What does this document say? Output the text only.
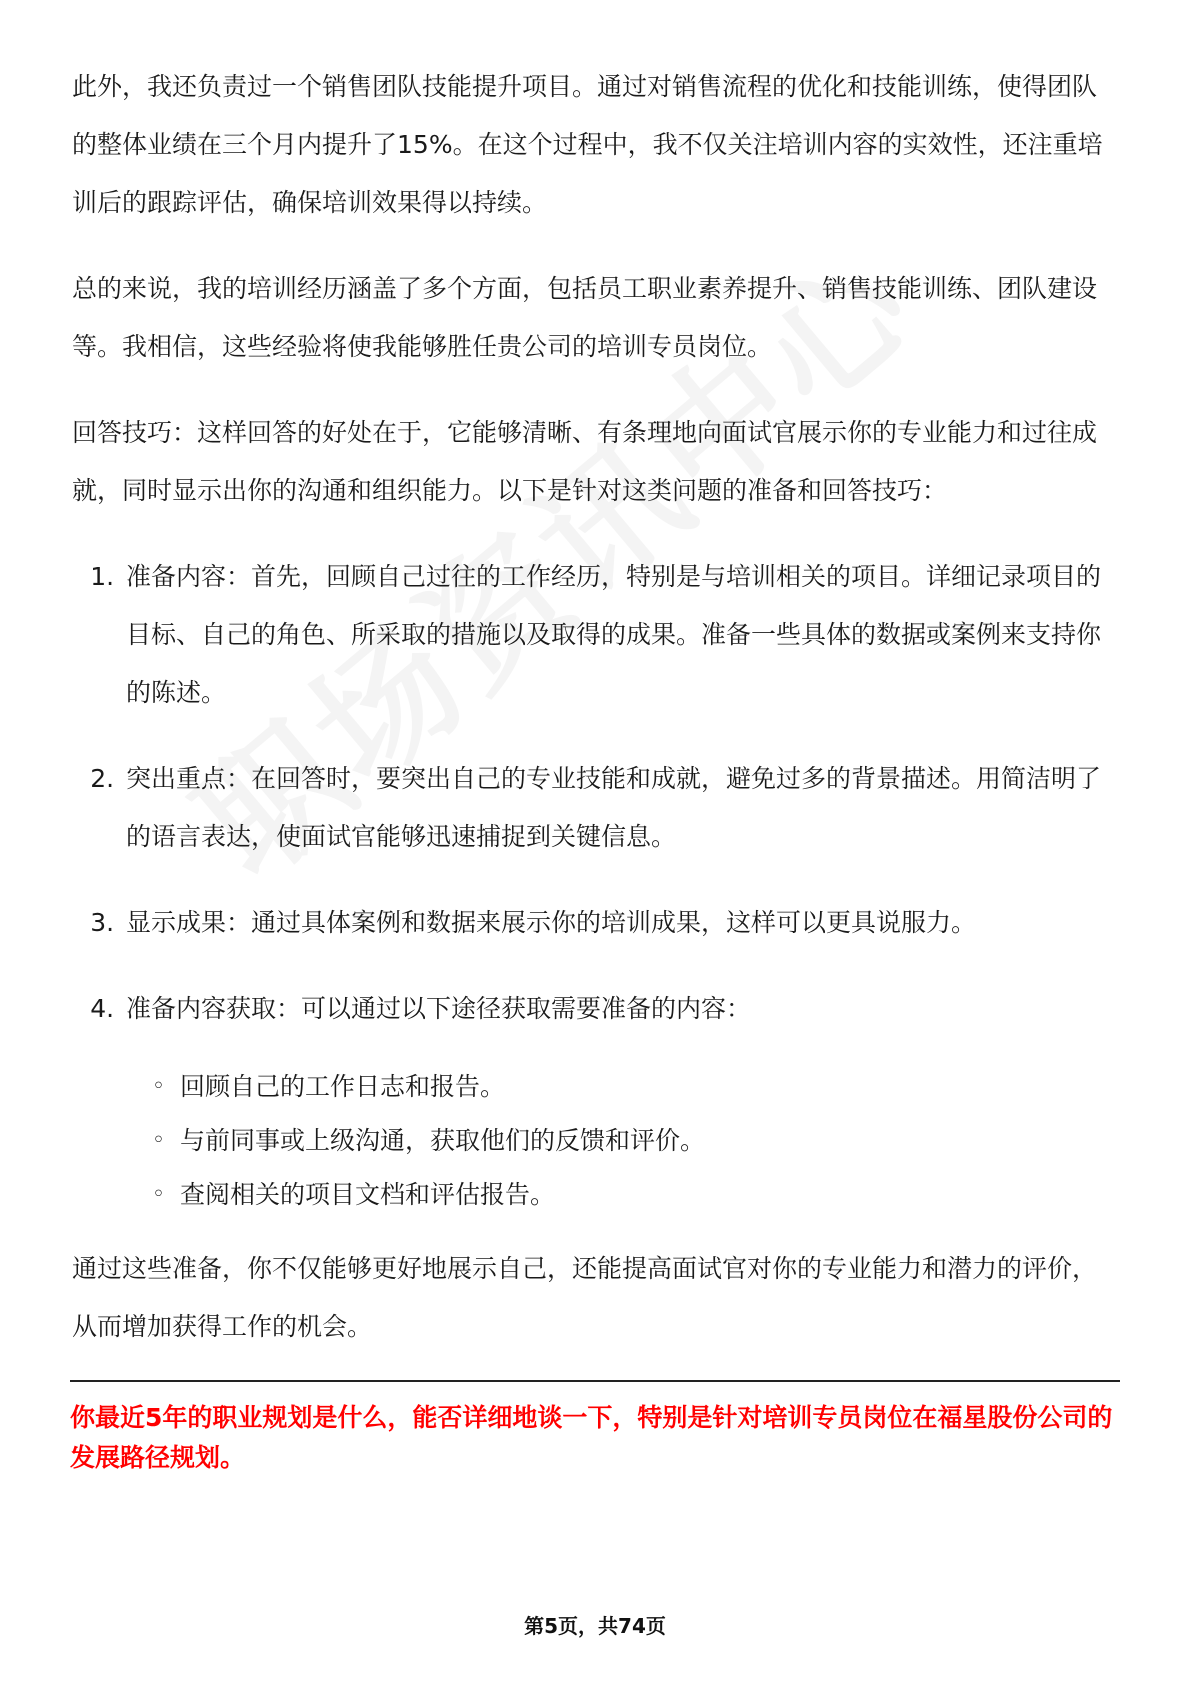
此外，我还负责过一个销售团队技能提升项目。通过对销售流程的优化和技能训练，使得团队的整体业绩在三个月内提升了15%。在这个过程中，我不仅关注培训内容的实效性，还注重培训后的跟踪评估，确保培训效果得以持续。

总的来说，我的培训经历涵盖了多个方面，包括员工职业素养提升、销售技能训练、团队建设等。我相信，这些经验将使我能够胜任贵公司的培训专员岗位。

回答技巧：这样回答的好处在于，它能够清晰、有条理地向面试官展示你的专业能力和过往成就，同时显示出你的沟通和组织能力。以下是针对这类问题的准备和回答技巧：

1. 准备内容：首先，回顾自己过往的工作经历，特别是与培训相关的项目。详细记录项目的目标、自己的角色、所采取的措施以及取得的成果。准备一些具体的数据或案例来支持你的陈述。
2. 突出重点：在回答时，要突出自己的专业技能和成就，避免过多的背景描述。用简洁明了的语言表达，使面试官能够迅速捕捉到关键信息。
3. 显示成果：通过具体案例和数据来展示你的培训成果，这样可以更具说服力。
4. 准备内容获取：可以通过以下途径获取需要准备的内容：
◦ 回顾自己的工作日志和报告。
◦ 与前同事或上级沟通，获取他们的反馈和评价。
◦ 查阅相关的项目文档和评估报告。

通过这些准备，你不仅能够更好地展示自己，还能提高面试官对你的专业能力和潜力的评价，从而增加获得工作的机会。

你最近5年的职业规划是什么，能否详细地谈一下，特别是针对培训专员岗位在福星股份公司的发展路径规划。
第5页，共74页
